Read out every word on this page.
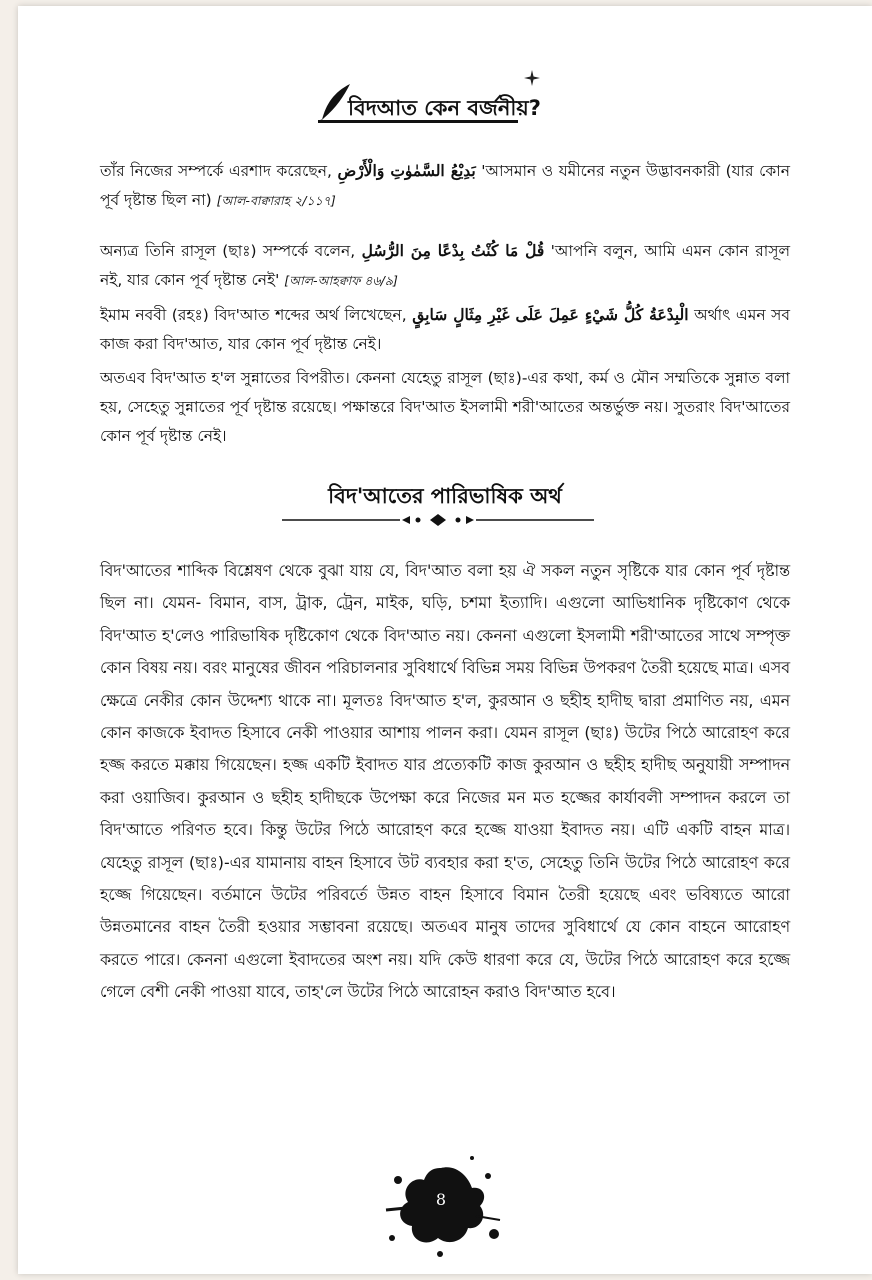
বিদআত কেন বর্জনীয়?
তাঁর নিজের সম্পর্কে এরশাদ করেছেন, بَدِيْعُ السَّمٰوٰتِ وَالْأَرْضِ 'আসমান ও যমীনের নতুন উদ্ভাবনকারী (যার কোন পূর্ব দৃষ্টান্ত ছিল না) [আল-বাক্বারাহ ২/১১৭]
অন্যত্র তিনি রাসূল (ছাঃ) সম্পর্কে বলেন, قُلْ مَا كُنْتُ بِدْعًا مِنَ الرُّسُلِ 'আপনি বলুন, আমি এমন কোন রাসূল নই, যার কোন পূর্ব দৃষ্টান্ত নেই' [আল-আহক্বাফ ৪৬/৯]
ইমাম নববী (রহঃ) বিদ'আত শব্দের অর্থ লিখেছেন, الْبِدْعَةُ كُلُّ شَيْءٍ عَمِلَ عَلَى غَيْرِ مِثَالٍ سَابِقٍ অর্থাৎ এমন সব কাজ করা বিদ'আত, যার কোন পূর্ব দৃষ্টান্ত নেই।
অতএব বিদ'আত হ'ল সুন্নাতের বিপরীত। কেননা যেহেতু রাসূল (ছাঃ)-এর কথা, কর্ম ও মৌন সম্মতিকে সুন্নাত বলা হয়, সেহেতু সুন্নাতের পূর্ব দৃষ্টান্ত রয়েছে। পক্ষান্তরে বিদ'আত ইসলামী শরী'আতের অন্তর্ভুক্ত নয়। সুতরাং বিদ'আতের কোন পূর্ব দৃষ্টান্ত নেই।
বিদ'আতের পারিভাষিক অর্থ
বিদ'আতের শাব্দিক বিশ্লেষণ থেকে বুঝা যায় যে, বিদ'আত বলা হয় ঐ সকল নতুন সৃষ্টিকে যার কোন পূর্ব দৃষ্টান্ত ছিল না। যেমন- বিমান, বাস, ট্রাক, ট্রেন, মাইক, ঘড়ি, চশমা ইত্যাদি। এগুলো আভিধানিক দৃষ্টিকোণ থেকে বিদ'আত হ'লেও পারিভাষিক দৃষ্টিকোণ থেকে বিদ'আত নয়। কেননা এগুলো ইসলামী শরী'আতের সাথে সম্পৃক্ত কোন বিষয় নয়। বরং মানুষের জীবন পরিচালনার সুবিধার্থে বিভিন্ন সময় বিভিন্ন উপকরণ তৈরী হয়েছে মাত্র। এসব ক্ষেত্রে নেকীর কোন উদ্দেশ্য থাকে না। মূলতঃ বিদ'আত হ'ল, কুরআন ও ছহীহ হাদীছ দ্বারা প্রমাণিত নয়, এমন কোন কাজকে ইবাদত হিসাবে নেকী পাওয়ার আশায় পালন করা। যেমন রাসূল (ছাঃ) উটের পিঠে আরোহণ করে হজ্জ করতে মক্কায় গিয়েছেন। হজ্জ একটি ইবাদত যার প্রত্যেকটি কাজ কুরআন ও ছহীহ হাদীছ অনুযায়ী সম্পাদন করা ওয়াজিব। কুরআন ও ছহীহ হাদীছকে উপেক্ষা করে নিজের মন মত হজ্জের কার্যাবলী সম্পাদন করলে তা বিদ'আতে পরিণত হবে। কিন্তু উটের পিঠে আরোহণ করে হজ্জে যাওয়া ইবাদত নয়। এটি একটি বাহন মাত্র। যেহেতু রাসূল (ছাঃ)-এর যামানায় বাহন হিসাবে উট ব্যবহার করা হ'ত, সেহেতু তিনি উটের পিঠে আরোহণ করে হজ্জে গিয়েছেন। বর্তমানে উটের পরিবর্তে উন্নত বাহন হিসাবে বিমান তৈরী হয়েছে এবং ভবিষ্যতে আরো উন্নতমানের বাহন তৈরী হওয়ার সম্ভাবনা রয়েছে। অতএব মানুষ তাদের সুবিধার্থে যে কোন বাহনে আরোহণ করতে পারে। কেননা এগুলো ইবাদতের অংশ নয়। যদি কেউ ধারণা করে যে, উটের পিঠে আরোহণ করে হজ্জে গেলে বেশী নেকী পাওয়া যাবে, তাহ'লে উটের পিঠে আরোহন করাও বিদ'আত হবে।
8
